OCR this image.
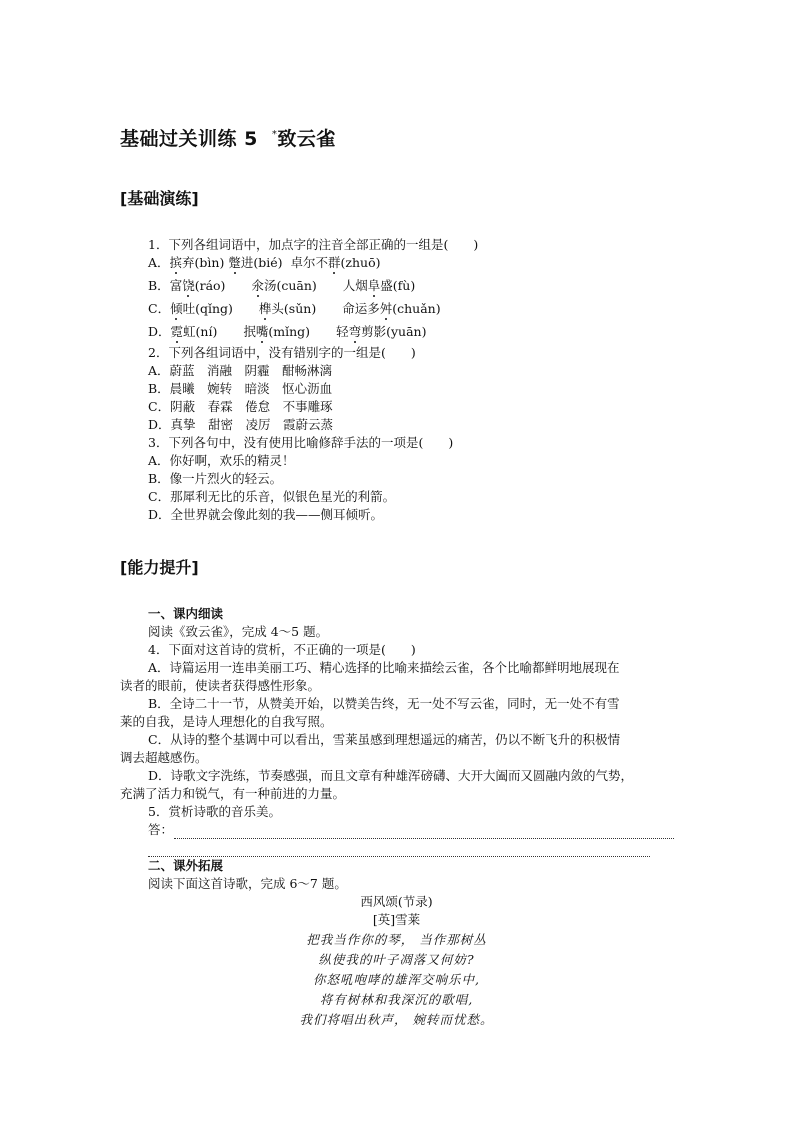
基础过关训练 5 *致云雀
[基础演练]
1．下列各组词语中，加点字的注音全部正确的一组是(　　)
A．摈弃(bìn) 蹩进(bié) 卓尔不群(zhuō)
B．富饶(ráo) 氽汤(cuān) 人烟阜盛(fù)
C．倾吐(qǐng) 榫头(sǔn) 命运多舛(chuǎn)
D．霓虹(ní) 抿嘴(mǐng) 轻弯剪影(yuān)
2．下列各组词语中，没有错别字的一组是(　　)
A．蔚蓝　消融　阴霾　酣畅淋漓
B．晨曦　婉转　暗淡　怄心沥血
C．阴蔽　春霖　倦怠　不事雕琢
D．真挚　甜密　凌厉　霞蔚云蒸
3．下列各句中，没有使用比喻修辞手法的一项是(　　)
A．你好啊，欢乐的精灵！
B．像一片烈火的轻云。
C．那犀利无比的乐音，似银色星光的利箭。
D．全世界就会像此刻的我——侧耳倾听。
[能力提升]
一、课内细读
阅读《致云雀》，完成 4～5 题。
4．下面对这首诗的赏析，不正确的一项是(　　)
A．诗篇运用一连串美丽工巧、精心选择的比喻来描绘云雀，各个比喻都鲜明地展现在
读者的眼前，使读者获得感性形象。
B．全诗二十一节，从赞美开始，以赞美告终，无一处不写云雀，同时，无一处不有雪
莱的自我，是诗人理想化的自我写照。
C．从诗的整个基调中可以看出，雪莱虽感到理想遥远的痛苦，仍以不断飞升的积极情
调去超越感伤。
D．诗歌文字洗练，节奏感强，而且文章有种雄浑磅礴、大开大阖而又圆融内敛的气势，
充满了活力和锐气，有一种前进的力量。
5．赏析诗歌的音乐美。
答：
二、课外拓展
阅读下面这首诗歌，完成 6～7 题。
西风颂(节录)
[英]雪莱
把我当作你的琴， 当作那树丛
纵使我的叶子凋落又何妨?
你怒吼咆哮的雄浑交响乐中,
将有树林和我深沉的歌唱,
我们将唱出秋声， 婉转而忧愁。
